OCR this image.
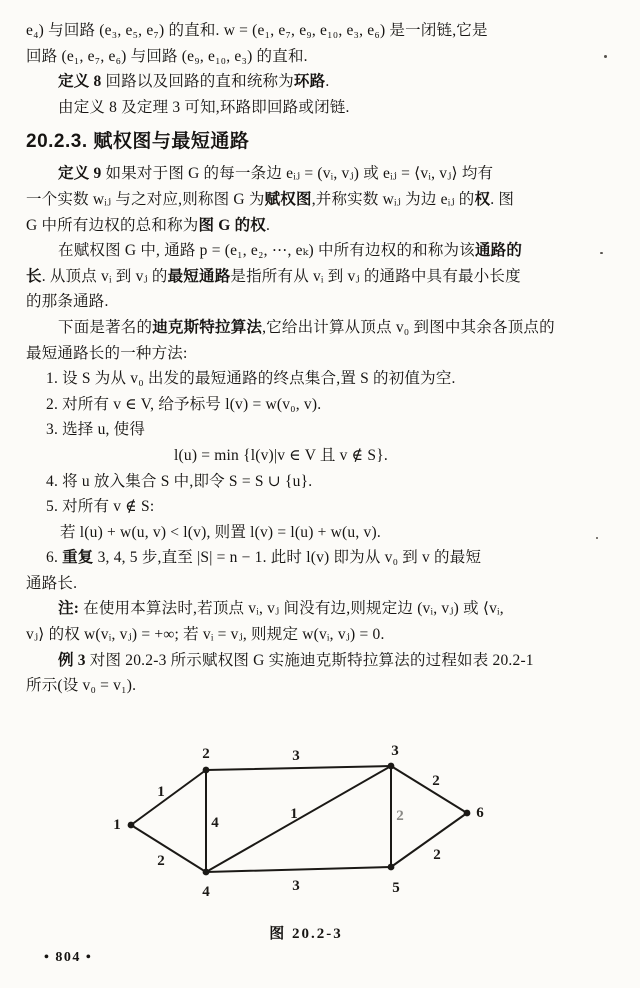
e₄) 与回路 (e₃, e₅, e₇) 的直和. w = (e₁, e₇, e₉, e₁₀, e₃, e₆) 是一闭链,它是

回路 (e₁, e₇, e₆) 与回路 (e₉, e₁₀, e₃) 的直和.

定义 8 回路以及回路的直和统称为环路.

由定义 8 及定理 3 可知,环路即回路或闭链.

20.2.3. 赋权图与最短通路

定义 9 如果对于图 G 的每一条边 eᵢⱼ = (vᵢ, vⱼ) 或 eᵢⱼ = ⟨vᵢ, vⱼ⟩ 均有

一个实数 wᵢⱼ 与之对应,则称图 G 为赋权图,并称实数 wᵢⱼ 为边 eᵢⱼ 的权. 图

G 中所有边权的总和称为图 G 的权.

在赋权图 G 中, 通路 p = (e₁, e₂, ⋯, eₖ) 中所有边权的和称为该通路的

长. 从顶点 vᵢ 到 vⱼ 的最短通路是指所有从 vᵢ 到 vⱼ 的通路中具有最小长度

的那条通路.

下面是著名的迪克斯特拉算法,它给出计算从顶点 v₀ 到图中其余各顶点的

最短通路长的一种方法:

1. 设 S 为从 v₀ 出发的最短通路的终点集合,置 S 的初值为空.

2. 对所有 v ∈ V, 给予标号 l(v) = w(v₀, v).

3. 选择 u, 使得

l(u) = min {l(v)|v ∈ V 且 v ∉ S}.

4. 将 u 放入集合 S 中,即令 S = S ∪ {u}.

5. 对所有 v ∉ S:

若 l(u) + w(u, v) < l(v), 则置 l(v) = l(u) + w(u, v).

6. 重复 3, 4, 5 步,直至 |S| = n − 1. 此时 l(v) 即为从 v₀ 到 v 的最短

通路长.

注: 在使用本算法时,若顶点 vᵢ, vⱼ 间没有边,则规定边 (vᵢ, vⱼ) 或 ⟨vᵢ,

vⱼ⟩ 的权 w(vᵢ, vⱼ) = +∞; 若 vᵢ = vⱼ, 则规定 w(vᵢ, vⱼ) = 0.

例 3 对图 20.2-3 所示赋权图 G 实施迪克斯特拉算法的过程如表 20.2-1

所示(设 v₀ = v₁).

1
2
3
4
1	2
2
3
2
1
2	3
4	5
6
图 20.2-3
• 804 •
